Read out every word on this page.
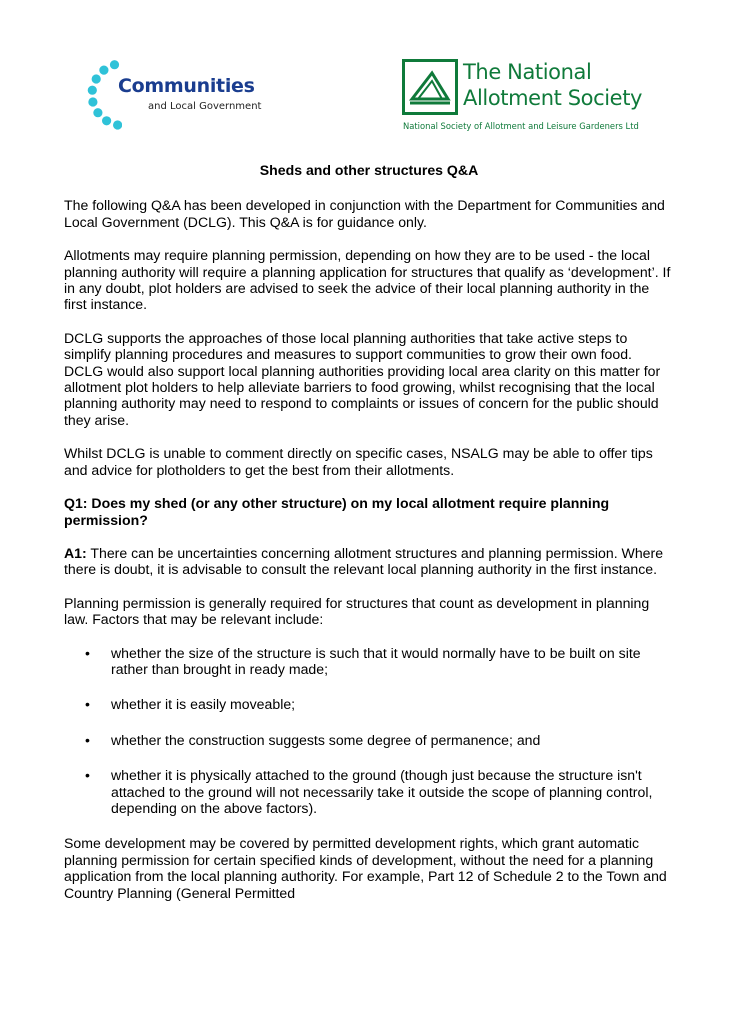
Communities
and Local Government
The National
Allotment Society
National Society of Allotment and Leisure Gardeners Ltd
Sheds and other structures Q&A

The following Q&A has been developed in conjunction with the Department for Communities and Local Government (DCLG). This Q&A is for guidance only.

Allotments may require planning permission, depending on how they are to be used - the local planning authority will require a planning application for structures that qualify as ‘development’. If in any doubt, plot holders are advised to seek the advice of their local planning authority in the first instance.

DCLG supports the approaches of those local planning authorities that take active steps to simplify planning procedures and measures to support communities to grow their own food. DCLG would also support local planning authorities providing local area clarity on this matter for allotment plot holders to help alleviate barriers to food growing, whilst recognising that the local planning authority may need to respond to complaints or issues of concern for the public should they arise.

Whilst DCLG is unable to comment directly on specific cases, NSALG may be able to offer tips and advice for plotholders to get the best from their allotments.

Q1: Does my shed (or any other structure) on my local allotment require planning permission?

A1: There can be uncertainties concerning allotment structures and planning permission. Where there is doubt, it is advisable to consult the relevant local planning authority in the first instance.

Planning permission is generally required for structures that count as development in planning law. Factors that may be relevant include:

• whether the size of the structure is such that it would normally have to be built on site rather than brought in ready made;
• whether it is easily moveable;
• whether the construction suggests some degree of permanence; and
• whether it is physically attached to the ground (though just because the structure isn't attached to the ground will not necessarily take it outside the scope of planning control, depending on the above factors).

Some development may be covered by permitted development rights, which grant automatic planning permission for certain specified kinds of development, without the need for a planning application from the local planning authority. For example, Part 12 of Schedule 2 to the Town and Country Planning (General Permitted
